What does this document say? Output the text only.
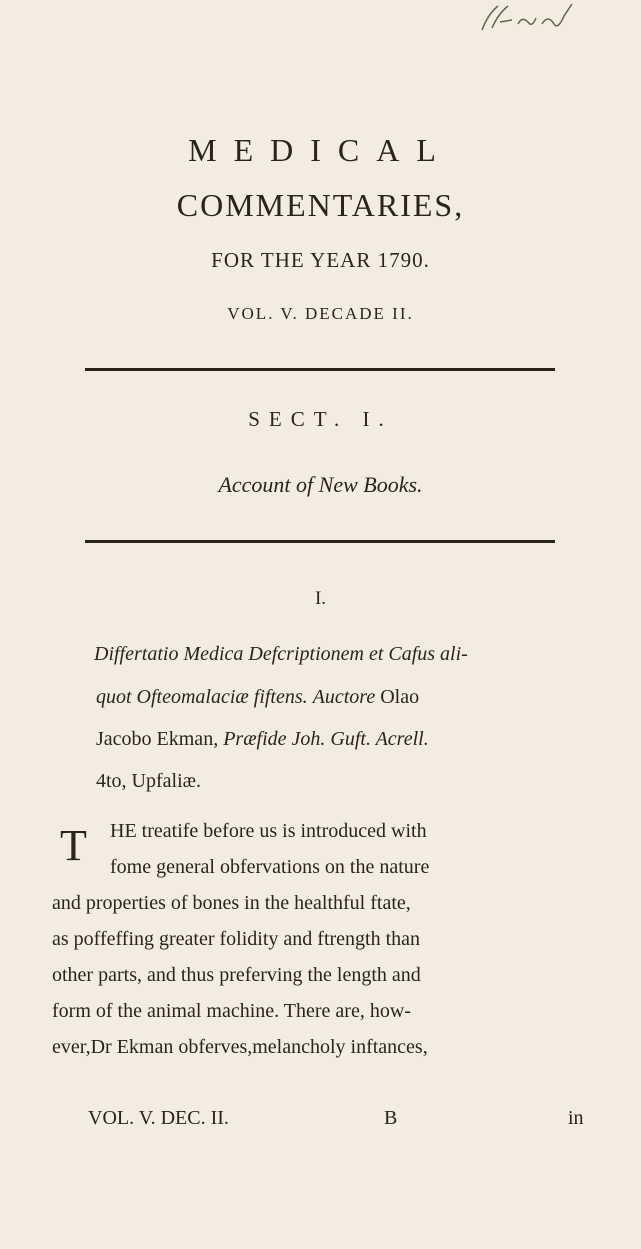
MEDICAL
COMMENTARIES,
FOR THE YEAR 1790.
VOL. V. DECADE II.
SECT. I.
Account of New Books.
I.
Differtatio Medica Defcriptionem et Cafus ali-
quot Ofteomalaciæ fiftens. Auctore Olao
Jacobo Ekman, Præfide Joh. Guft. Acrell.
4to, Upfaliæ.
T HE treatife before us is introduced with
fome general obfervations on the nature
and properties of bones in the healthful ftate,
as poffeffing greater folidity and ftrength than
other parts, and thus preferving the length and
form of the animal machine. There are, how-
ever,Dr Ekman obferves,melancholy inftances,
VOL. V. DEC. II.	B	in
